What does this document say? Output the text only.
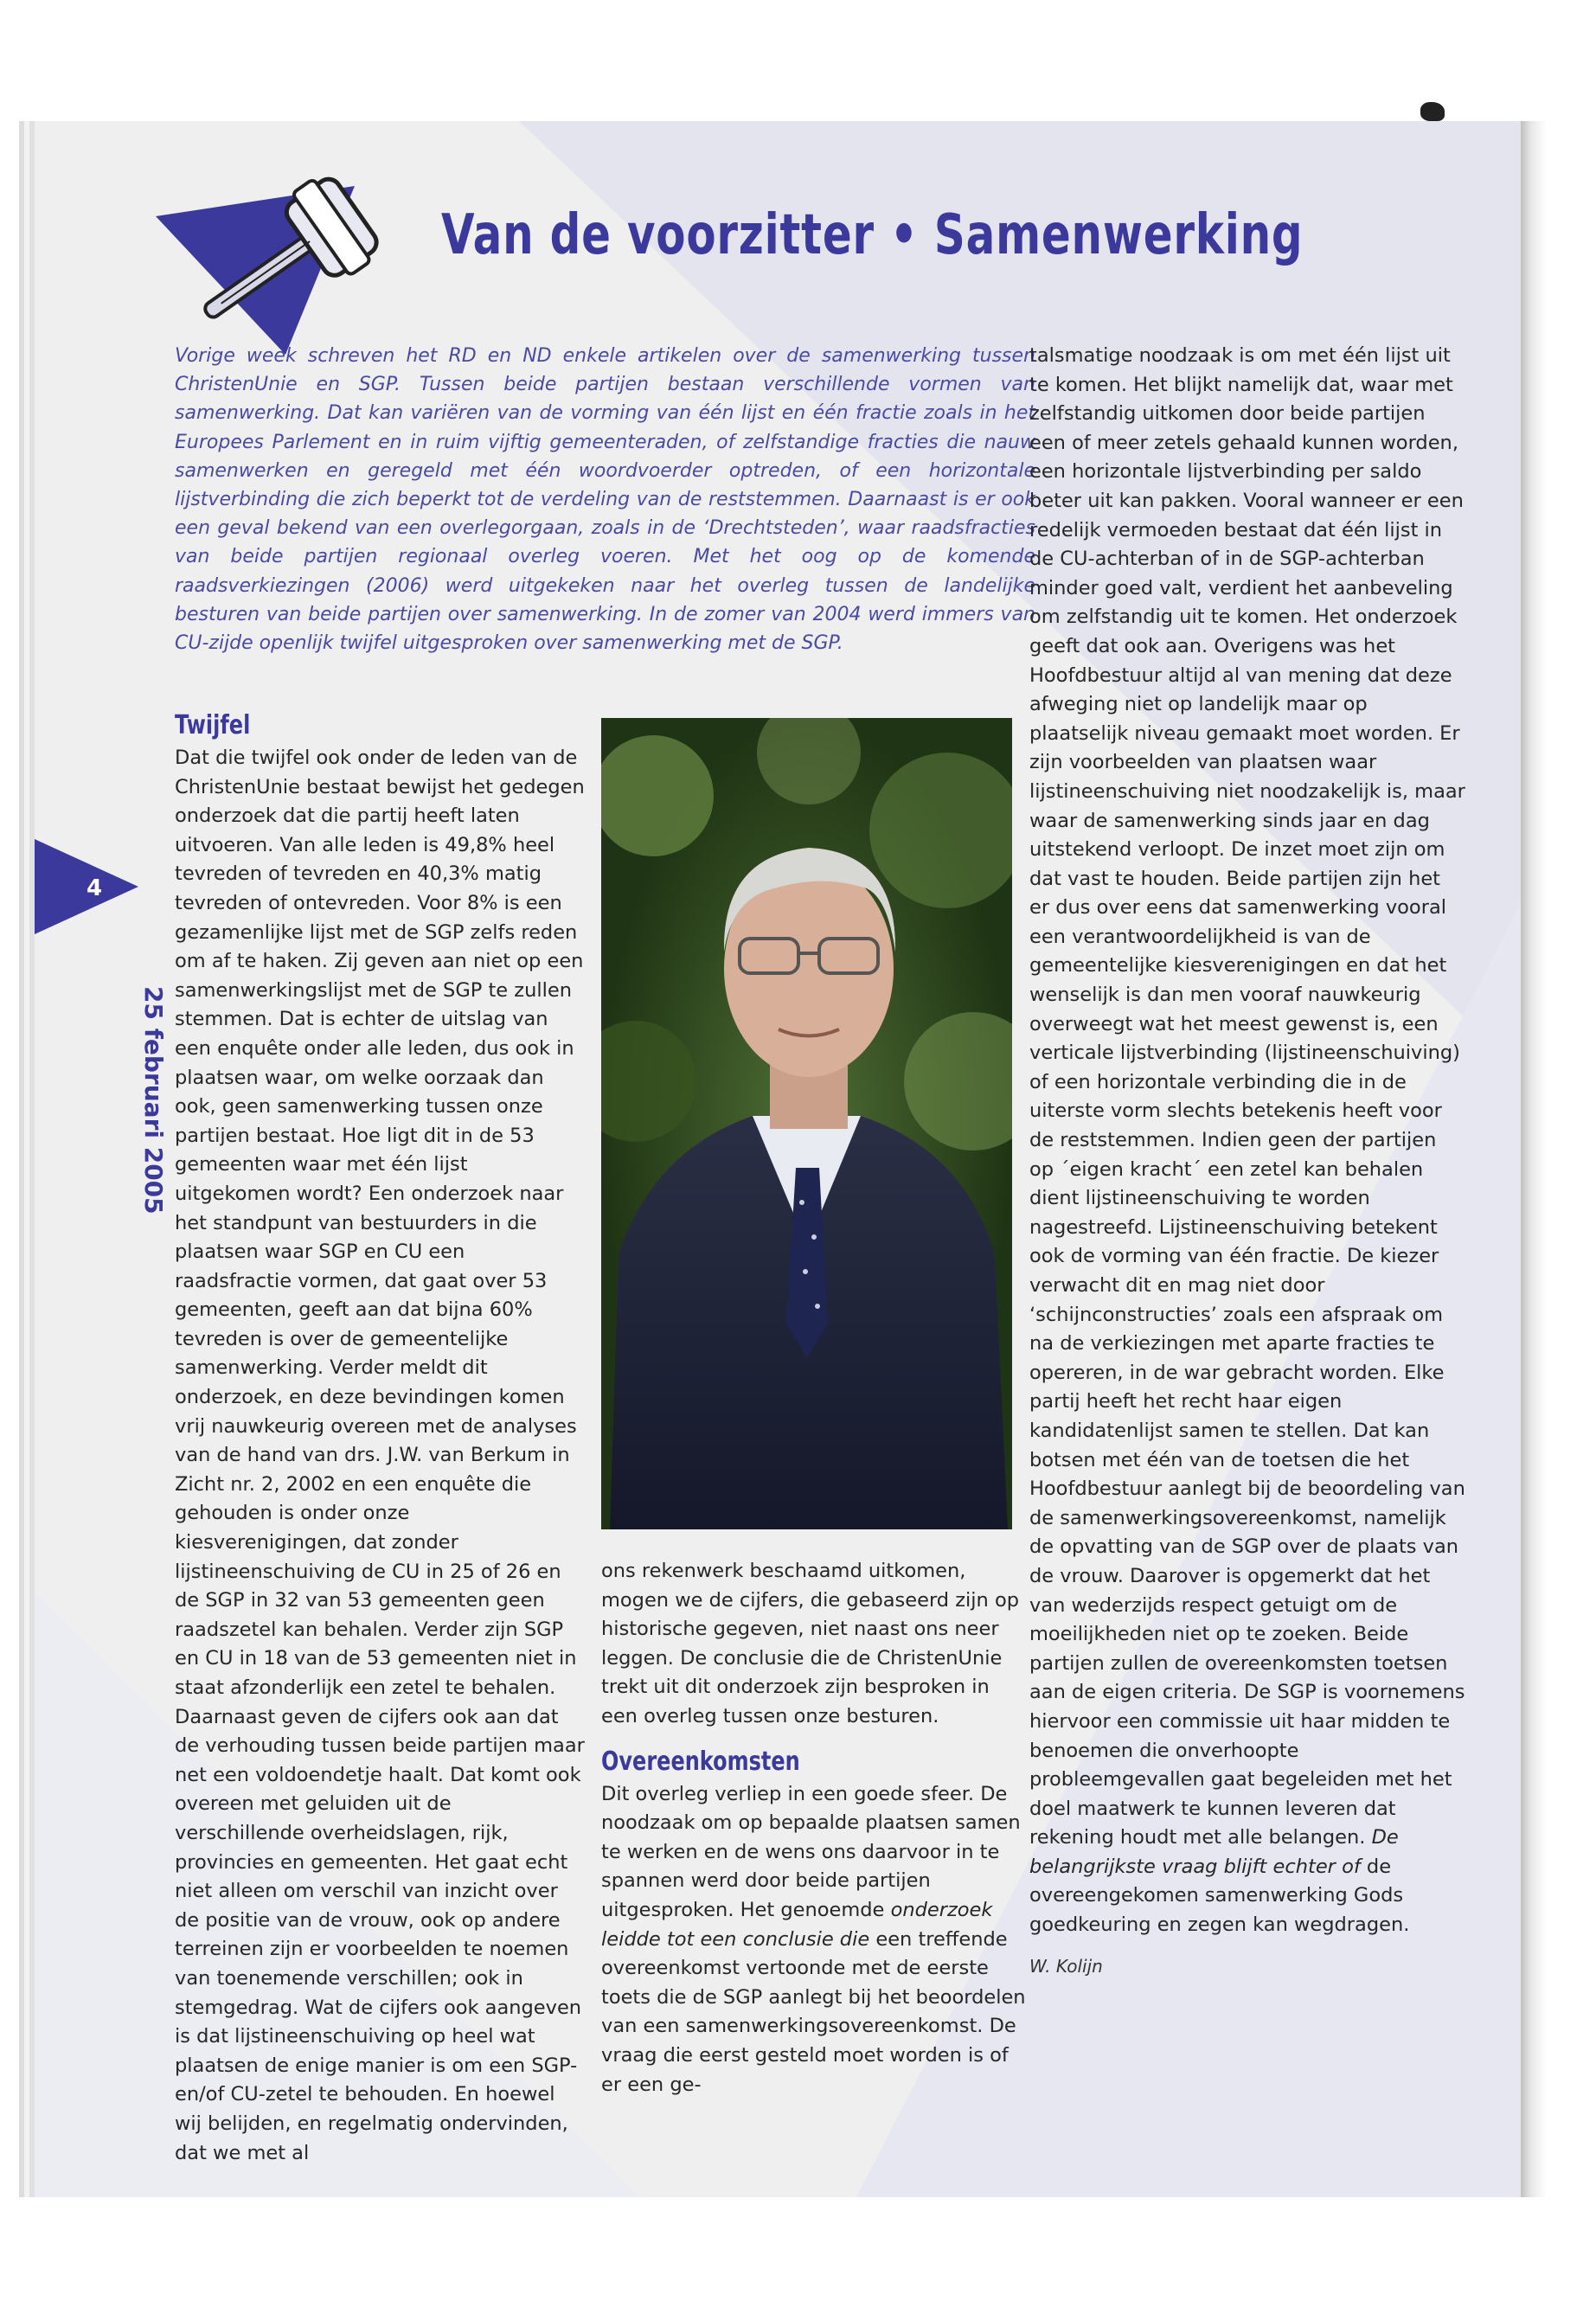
Van de voorzitter • Samenwerking

Vorige week schreven het RD en ND enkele artikelen over de samenwerking tussen ChristenUnie en SGP. Tussen beide partijen bestaan verschillende vormen van samenwerking. Dat kan variëren van de vorming van één lijst en één fractie zoals in het Europees Parlement en in ruim vijftig gemeenteraden, of zelfstandige fracties die nauw samenwerken en geregeld met één woordvoerder optreden, of een horizontale lijstverbinding die zich beperkt tot de verdeling van de reststemmen. Daarnaast is er ook een geval bekend van een overlegorgaan, zoals in de ‘Drechtsteden’, waar raadsfracties van beide partijen regionaal overleg voeren. Met het oog op de komende raadsverkiezingen (2006) werd uitgekeken naar het overleg tussen de landelijke besturen van beide partijen over samenwerking. In de zomer van 2004 werd immers van CU-zijde openlijk twijfel uitgesproken over samenwerking met de SGP.

4
25 februari 2005
Twijfel

Dat die twijfel ook onder de leden van de ChristenUnie bestaat bewijst het gedegen onderzoek dat die partij heeft laten uitvoeren. Van alle leden is 49,8% heel tevreden of tevreden en 40,3% matig tevreden of ontevreden. Voor 8% is een gezamenlijke lijst met de SGP zelfs reden om af te haken. Zij geven aan niet op een samenwerkingslijst met de SGP te zullen stemmen. Dat is echter de uitslag van een enquête onder alle leden, dus ook in plaatsen waar, om welke oorzaak dan ook, geen samenwerking tussen onze partijen bestaat. Hoe ligt dit in de 53 gemeenten waar met één lijst uitgekomen wordt? Een onderzoek naar het standpunt van bestuurders in die plaatsen waar SGP en CU een raadsfractie vormen, dat gaat over 53 gemeenten, geeft aan dat bijna 60% tevreden is over de gemeentelijke samenwerking. Verder meldt dit onderzoek, en deze bevindingen komen vrij nauwkeurig overeen met de analyses van de hand van drs. J.W. van Berkum in Zicht nr. 2, 2002 en een enquête die gehouden is onder onze kiesverenigingen, dat zonder lijstineenschuiving de CU in 25 of 26 en de SGP in 32 van 53 gemeenten geen raadszetel kan behalen. Verder zijn SGP en CU in 18 van de 53 gemeenten niet in staat afzonderlijk een zetel te behalen. Daarnaast geven de cijfers ook aan dat de verhouding tussen beide partijen maar net een voldoendetje haalt. Dat komt ook overeen met geluiden uit de verschillende overheidslagen, rijk, provincies en gemeenten. Het gaat echt niet alleen om verschil van inzicht over de positie van de vrouw, ook op andere terreinen zijn er voorbeelden te noemen van toenemende verschillen; ook in stemgedrag. Wat de cijfers ook aangeven is dat lijstineenschuiving op heel wat plaatsen de enige manier is om een SGP- en/of CU-zetel te behouden. En hoewel wij belijden, en regelmatig ondervinden, dat we met al

ons rekenwerk beschaamd uitkomen, mogen we de cijfers, die gebaseerd zijn op historische gegeven, niet naast ons neer leggen. De conclusie die de ChristenUnie trekt uit dit onderzoek zijn besproken in een overleg tussen onze besturen.

Overeenkomsten

Dit overleg verliep in een goede sfeer. De noodzaak om op bepaalde plaatsen samen te werken en de wens ons daarvoor in te spannen werd door beide partijen uitgesproken. Het genoemde onderzoek leidde tot een conclusie die een treffende overeenkomst vertoonde met de eerste toets die de SGP aanlegt bij het beoordelen van een samenwerkingsovereenkomst. De vraag die eerst gesteld moet worden is of er een ge-

talsmatige noodzaak is om met één lijst uit te komen. Het blijkt namelijk dat, waar met zelfstandig uitkomen door beide partijen een of meer zetels gehaald kunnen worden, een horizontale lijstverbinding per saldo beter uit kan pakken. Vooral wanneer er een redelijk vermoeden bestaat dat één lijst in de CU-achterban of in de SGP-achterban minder goed valt, verdient het aanbeveling om zelfstandig uit te komen. Het onderzoek geeft dat ook aan. Overigens was het Hoofdbestuur altijd al van mening dat deze afweging niet op landelijk maar op plaatselijk niveau gemaakt moet worden. Er zijn voorbeelden van plaatsen waar lijstineenschuiving niet noodzakelijk is, maar waar de samenwerking sinds jaar en dag uitstekend verloopt. De inzet moet zijn om dat vast te houden. Beide partijen zijn het er dus over eens dat samenwerking vooral een verantwoordelijkheid is van de gemeentelijke kiesverenigingen en dat het wenselijk is dan men vooraf nauwkeurig overweegt wat het meest gewenst is, een verticale lijstverbinding (lijstineenschuiving) of een horizontale verbinding die in de uiterste vorm slechts betekenis heeft voor de reststemmen. Indien geen der partijen op ´eigen kracht´ een zetel kan behalen dient lijstineenschuiving te worden nagestreefd. Lijstineenschuiving betekent ook de vorming van één fractie. De kiezer verwacht dit en mag niet door ‘schijnconstructies’ zoals een afspraak om na de verkiezingen met aparte fracties te opereren, in de war gebracht worden. Elke partij heeft het recht haar eigen kandidatenlijst samen te stellen. Dat kan botsen met één van de toetsen die het Hoofdbestuur aanlegt bij de beoordeling van de samenwerkingsovereenkomst, namelijk de opvatting van de SGP over de plaats van de vrouw. Daarover is opgemerkt dat het van wederzijds respect getuigt om de moeilijkheden niet op te zoeken. Beide partijen zullen de overeenkomsten toetsen aan de eigen criteria. De SGP is voornemens hiervoor een commissie uit haar midden te benoemen die onverhoopte probleemgevallen gaat begeleiden met het doel maatwerk te kunnen leveren dat rekening houdt met alle belangen. De belangrijkste vraag blijft echter of de overeengekomen samenwerking Gods goedkeuring en zegen kan wegdragen.

W. Kolijn
